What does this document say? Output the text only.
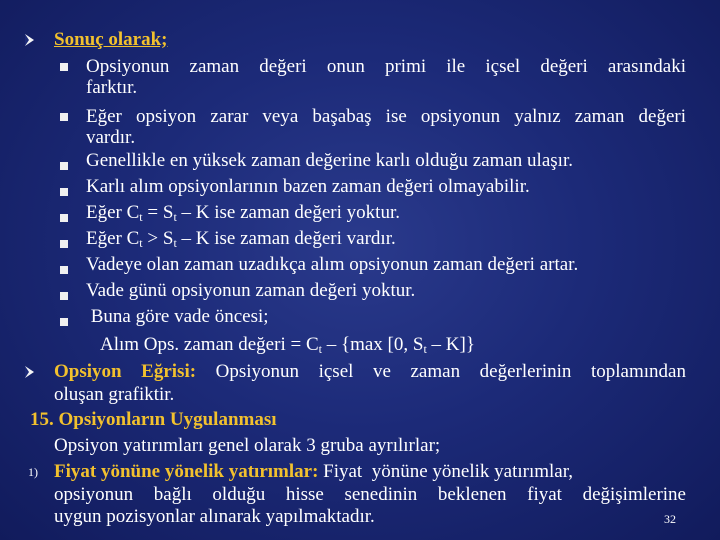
Sonuç olarak;
Opsiyonun zaman değeri onun primi ile içsel değeri arasındaki
farktır.
Eğer opsiyon zarar veya başabaş ise opsiyonun yalnız zaman değeri
vardır.
Genellikle en yüksek zaman değerine karlı olduğu zaman ulaşır.
Karlı alım opsiyonlarının bazen zaman değeri olmayabilir.
Eğer $C_t = S_t - K$ ise zaman değeri yoktur.
Eğer $C_t > S_t - K$ ise zaman değeri vardır.
Vadeye olan zaman uzadıkça alım opsiyonun zaman değeri artar.
Vade günü opsiyonun zaman değeri yoktur.
Buna göre vade öncesi;
Alım Ops. zaman değeri = $C_t - \{\max$ [0, $S_t - K$]}
Opsiyon Eğrisi: Opsiyonun içsel ve zaman değerlerinin toplamından
oluşan grafiktir.
15. Opsiyonların Uygulanması
Opsiyon yatırımları genel olarak 3 gruba ayrılırlar;
1) Fiyat yönüne yönelik yatırımlar: Fiyat  yönüne yönelik yatırımlar,
opsiyonun bağlı olduğu hisse senedinin beklenen fiyat değişimlerine
uygun pozisyonlar alınarak yapılmaktadır.	32
